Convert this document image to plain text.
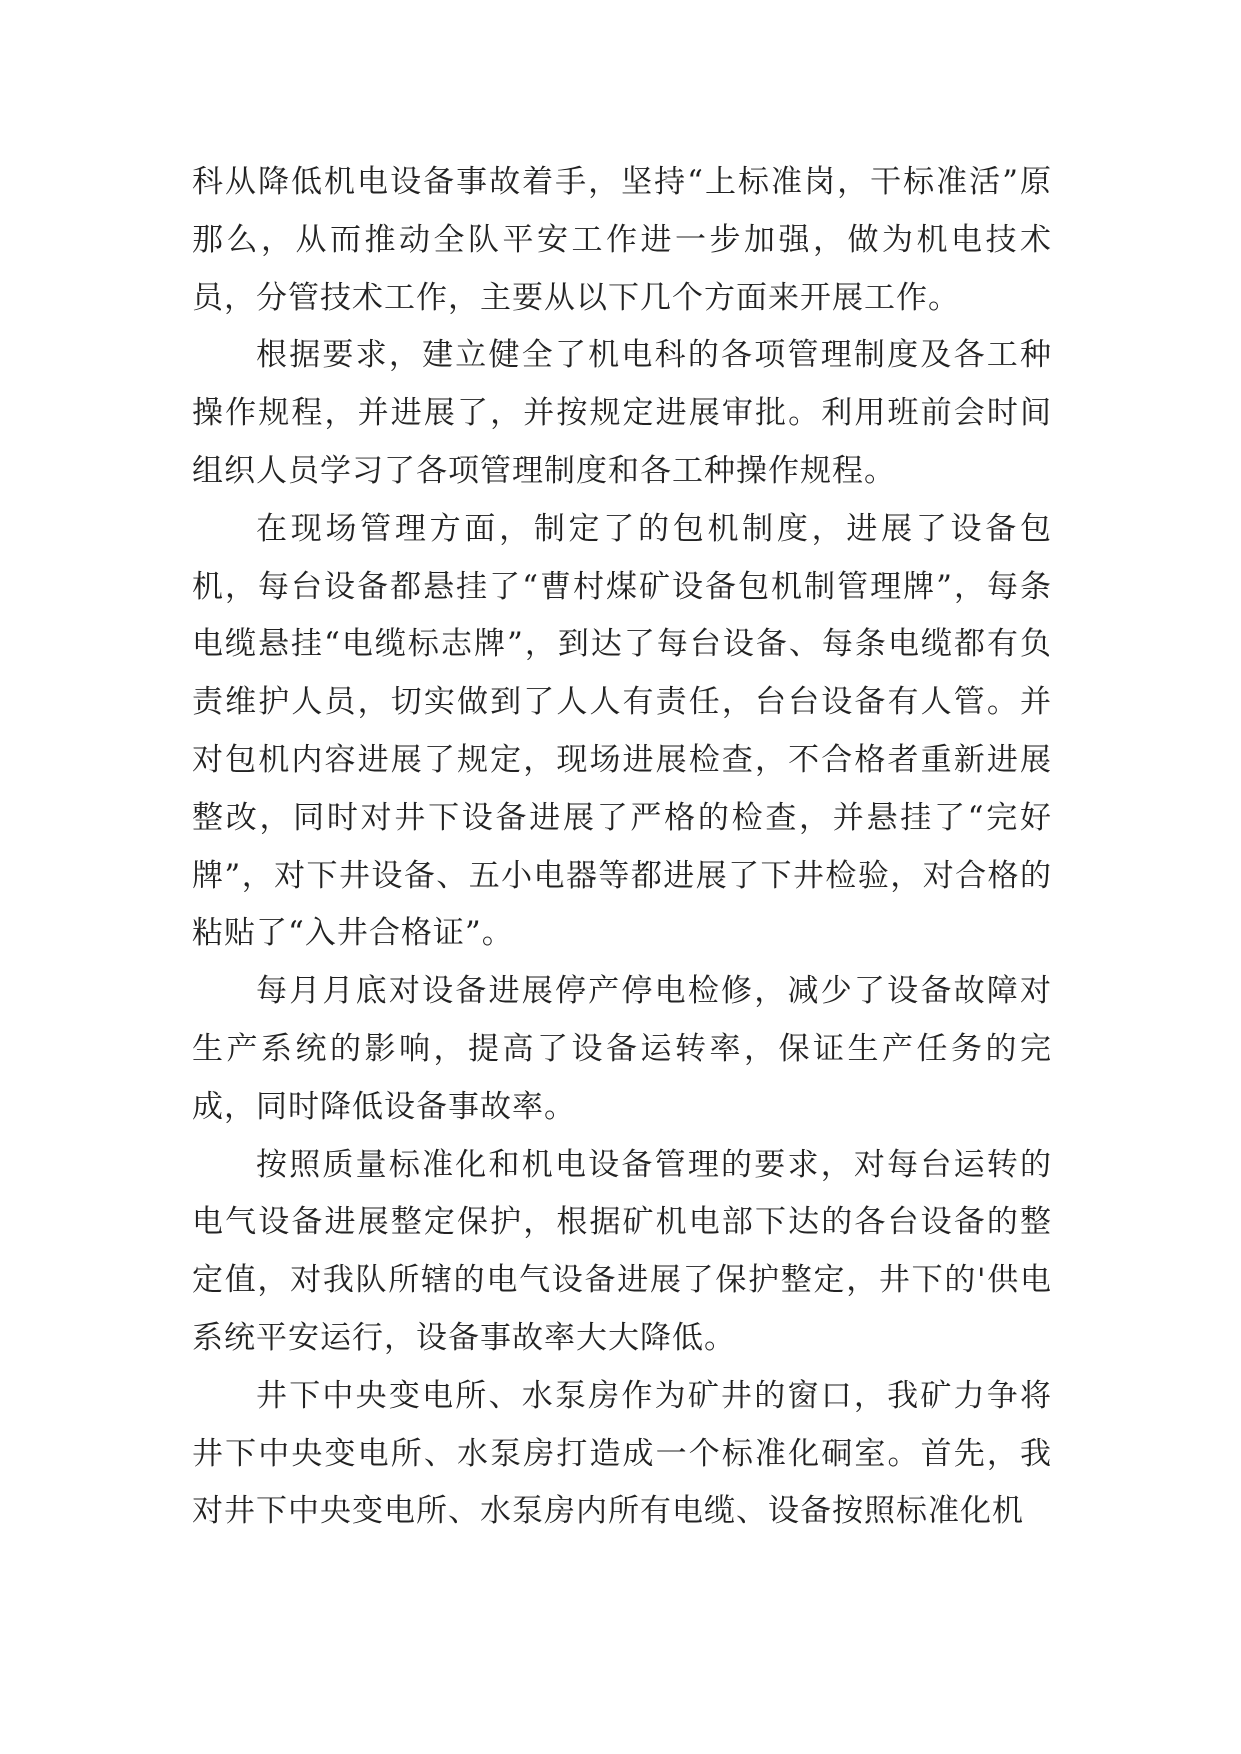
科从降低机电设备事故着手，坚持“上标准岗，干标准活”原那么，从而推动全队平安工作进一步加强，做为机电技术员，分管技术工作，主要从以下几个方面来开展工作。

根据要求，建立健全了机电科的各项管理制度及各工种操作规程，并进展了，并按规定进展审批。利用班前会时间组织人员学习了各项管理制度和各工种操作规程。

在现场管理方面，制定了的包机制度，进展了设备包机，每台设备都悬挂了“曹村煤矿设备包机制管理牌”，每条电缆悬挂“电缆标志牌”，到达了每台设备、每条电缆都有负责维护人员，切实做到了人人有责任，台台设备有人管。并对包机内容进展了规定，现场进展检查，不合格者重新进展整改，同时对井下设备进展了严格的检查，并悬挂了“完好牌”，对下井设备、五小电器等都进展了下井检验，对合格的粘贴了“入井合格证”。

每月月底对设备进展停产停电检修，减少了设备故障对生产系统的影响，提高了设备运转率，保证生产任务的完成，同时降低设备事故率。

按照质量标准化和机电设备管理的要求，对每台运转的电气设备进展整定保护，根据矿机电部下达的各台设备的整定值，对我队所辖的电气设备进展了保护整定，井下的'供电系统平安运行，设备事故率大大降低。

井下中央变电所、水泵房作为矿井的窗口，我矿力争将井下中央变电所、水泵房打造成一个标准化硐室。首先，我对井下中央变电所、水泵房内所有电缆、设备按照标准化机
